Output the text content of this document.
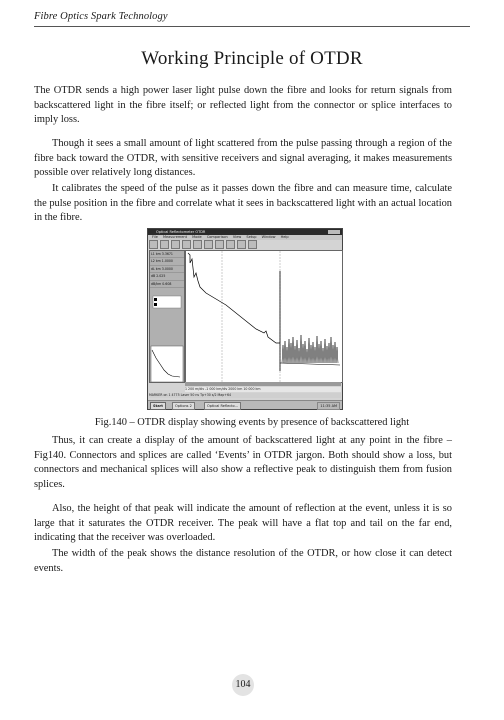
Fibre Optics Spark Technology
Working Principle of OTDR

The OTDR sends a high power laser light pulse down the fibre and looks for return signals from backscattered light in the fibre itself; or reflected light from the connector or splice interfaces to imply loss.

Though it sees a small amount of light scattered from the pulse passing through a region of the fibre back toward the OTDR, with sensitive receivers and signal averaging, it makes measurements possible over relatively long distances.

It calibrates the speed of the pulse as it passes down the fibre and can measure time, calculate the pulse position in the fibre and correlate what it sees in backscattered light with an actual location in the fibre.

Optical Reflectometer OTDR
File Measurement Mode Comparison View Setup Window Help
L1 km 3.3671
L2 km 1.0000
dL km 3.0000
dB 2.025
dB/km 0.608
1 200 m/div -1 000 km/div 2000 km 10 000 km
MARKER on 1 4775 Laser 50 ns Tp+30 s/2 Map+64
Start	Options 2	Optical Reflecto...	11:35 AM

Fig.140 – OTDR display showing events by presence of backscattered light

Thus, it can create a display of the amount of backscattered light at any point in the fibre – Fig140. Connectors and splices are called ‘Events’ in OTDR jargon. Both should show a loss, but connectors and mechanical splices will also show a reflective peak to distinguish them from fusion splices.

Also, the height of that peak will indicate the amount of reflection at the event, unless it is so large that it saturates the OTDR receiver. The peak will have a flat top and tail on the far end, indicating that the receiver was overloaded.

The width of the peak shows the distance resolution of the OTDR, or how close it can detect events.

104
